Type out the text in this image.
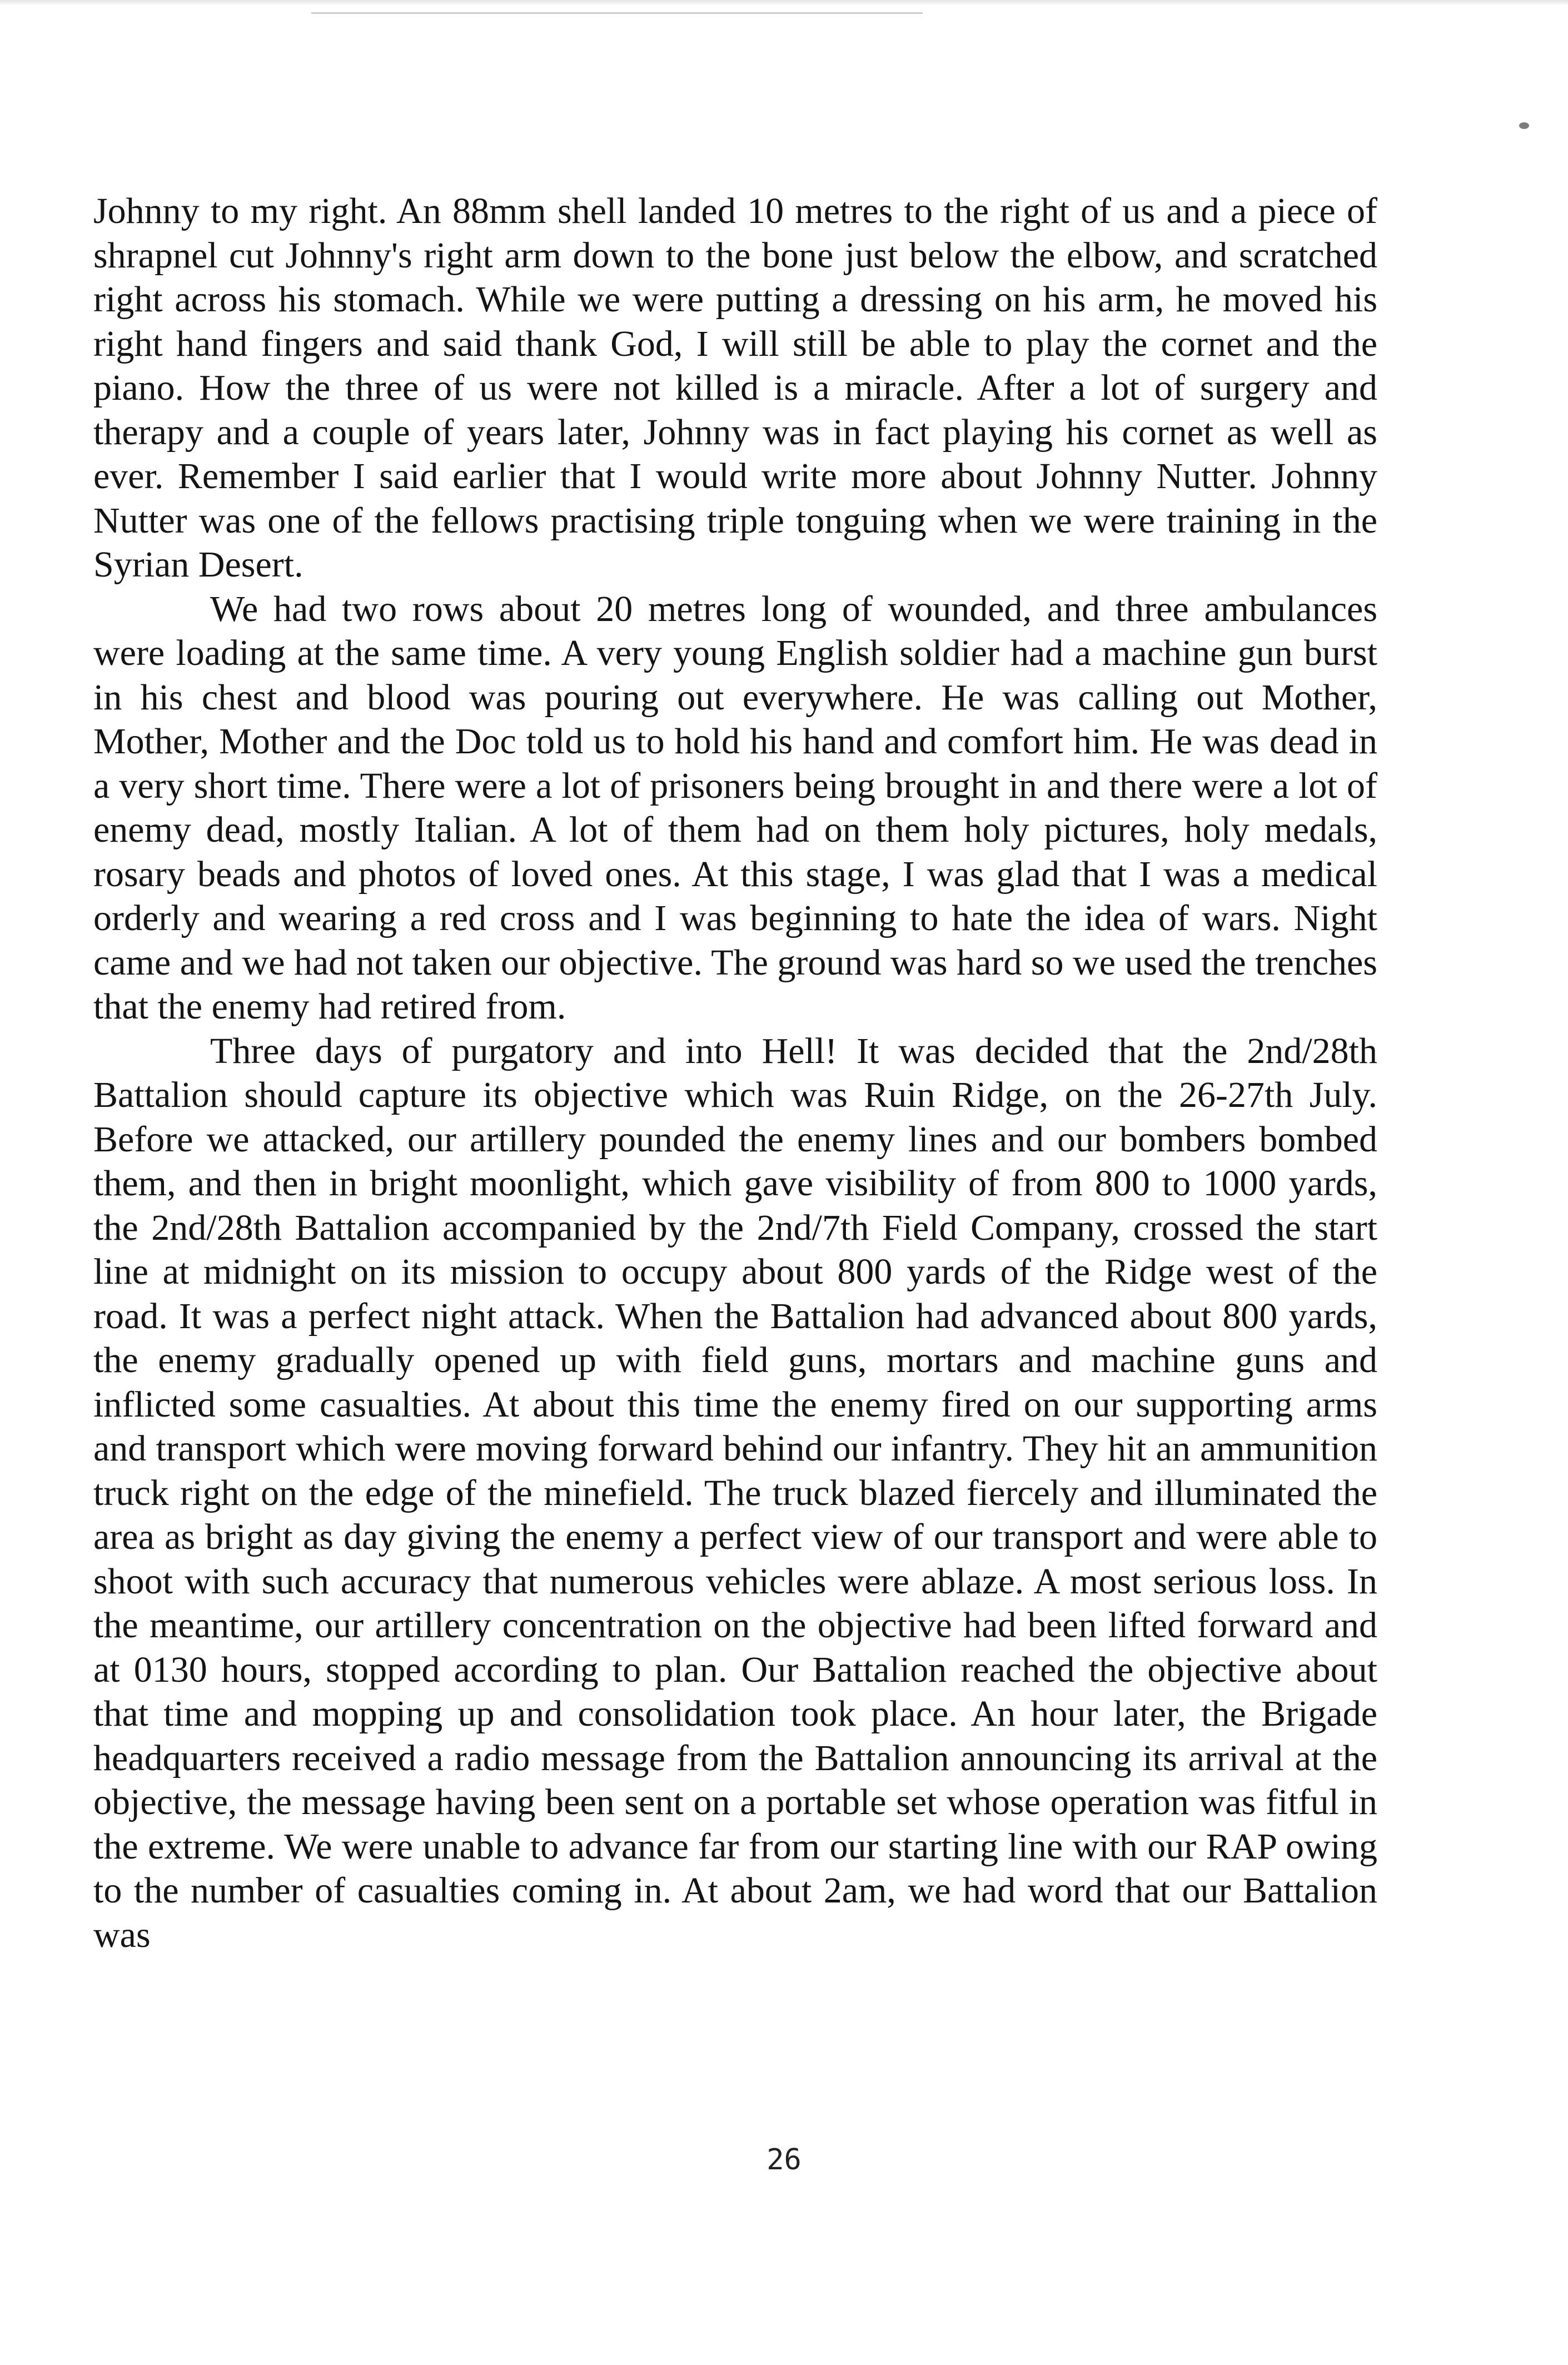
Johnny to my right. An 88mm shell landed 10 metres to the right of us and a piece of shrapnel cut Johnny's right arm down to the bone just below the elbow, and scratched right across his stomach. While we were putting a dressing on his arm, he moved his right hand fingers and said thank God, I will still be able to play the cornet and the piano. How the three of us were not killed is a miracle. After a lot of surgery and therapy and a couple of years later, Johnny was in fact playing his cornet as well as ever. Remember I said earlier that I would write more about Johnny Nutter. Johnny Nutter was one of the fellows practising triple tonguing when we were training in the Syrian Desert.

We had two rows about 20 metres long of wounded, and three ambulances were loading at the same time. A very young English soldier had a machine gun burst in his chest and blood was pouring out everywhere. He was calling out Mother, Mother, Mother and the Doc told us to hold his hand and comfort him. He was dead in a very short time. There were a lot of prisoners being brought in and there were a lot of enemy dead, mostly Italian. A lot of them had on them holy pictures, holy medals, rosary beads and photos of loved ones. At this stage, I was glad that I was a medical orderly and wearing a red cross and I was beginning to hate the idea of wars. Night came and we had not taken our objective. The ground was hard so we used the trenches that the enemy had retired from.

Three days of purgatory and into Hell! It was decided that the 2nd/28th Battalion should capture its objective which was Ruin Ridge, on the 26-27th July. Before we attacked, our artillery pounded the enemy lines and our bombers bombed them, and then in bright moonlight, which gave visibility of from 800 to 1000 yards, the 2nd/28th Battalion accompanied by the 2nd/7th Field Company, crossed the start line at midnight on its mission to occupy about 800 yards of the Ridge west of the road. It was a perfect night attack. When the Battalion had advanced about 800 yards, the enemy gradually opened up with field guns, mortars and machine guns and inflicted some casualties. At about this time the enemy fired on our supporting arms and transport which were moving forward behind our infantry. They hit an ammunition truck right on the edge of the minefield. The truck blazed fiercely and illuminated the area as bright as day giving the enemy a perfect view of our transport and were able to shoot with such accuracy that numerous vehicles were ablaze. A most serious loss. In the meantime, our artillery concentration on the objective had been lifted forward and at 0130 hours, stopped according to plan. Our Battalion reached the objective about that time and mopping up and consolidation took place. An hour later, the Brigade headquarters received a radio message from the Battalion announcing its arrival at the objective, the message having been sent on a portable set whose operation was fitful in the extreme. We were unable to advance far from our starting line with our RAP owing to the number of casualties coming in. At about 2am, we had word that our Battalion was

26
